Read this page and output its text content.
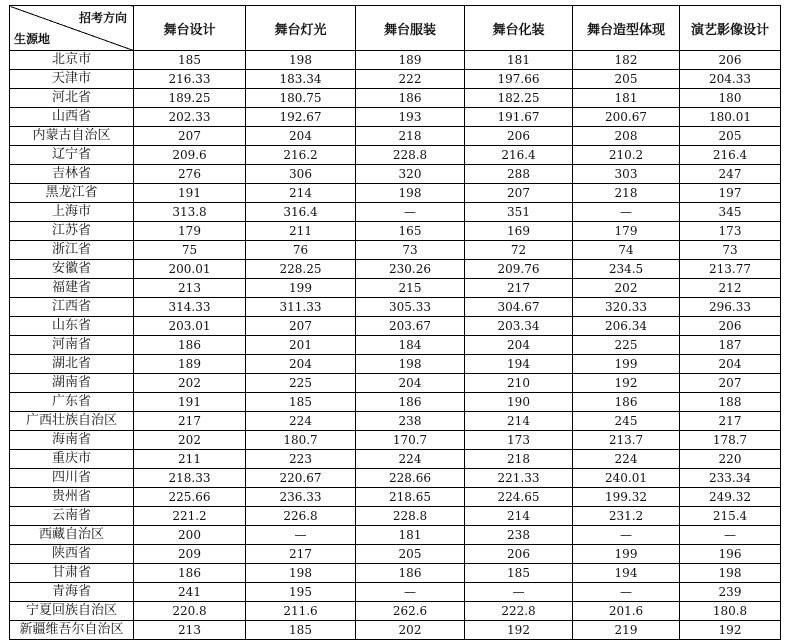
招考方向
生源地	舞台设计	舞台灯光	舞台服装	舞台化装	舞台造型体现	演艺影像设计
北京市	185	198	189	181	182	206
天津市	216.33	183.34	222	197.66	205	204.33
河北省	189.25	180.75	186	182.25	181	180
山西省	202.33	192.67	193	191.67	200.67	180.01
内蒙古自治区	207	204	218	206	208	205
辽宁省	209.6	216.2	228.8	216.4	210.2	216.4
吉林省	276	306	320	288	303	247
黑龙江省	191	214	198	207	218	197
上海市	313.8	316.4	—	351	—	345
江苏省	179	211	165	169	179	173
浙江省	75	76	73	72	74	73
安徽省	200.01	228.25	230.26	209.76	234.5	213.77
福建省	213	199	215	217	202	212
江西省	314.33	311.33	305.33	304.67	320.33	296.33
山东省	203.01	207	203.67	203.34	206.34	206
河南省	186	201	184	204	225	187
湖北省	189	204	198	194	199	204
湖南省	202	225	204	210	192	207
广东省	191	185	186	190	186	188
广西壮族自治区	217	224	238	214	245	217
海南省	202	180.7	170.7	173	213.7	178.7
重庆市	211	223	224	218	224	220
四川省	218.33	220.67	228.66	221.33	240.01	233.34
贵州省	225.66	236.33	218.65	224.65	199.32	249.32
云南省	221.2	226.8	228.8	214	231.2	215.4
西藏自治区	200	—	181	238	—	—
陕西省	209	217	205	206	199	196
甘肃省	186	198	186	185	194	198
青海省	241	195	—	—	—	239
宁夏回族自治区	220.8	211.6	262.6	222.8	201.6	180.8
新疆维吾尔自治区	213	185	202	192	219	192
